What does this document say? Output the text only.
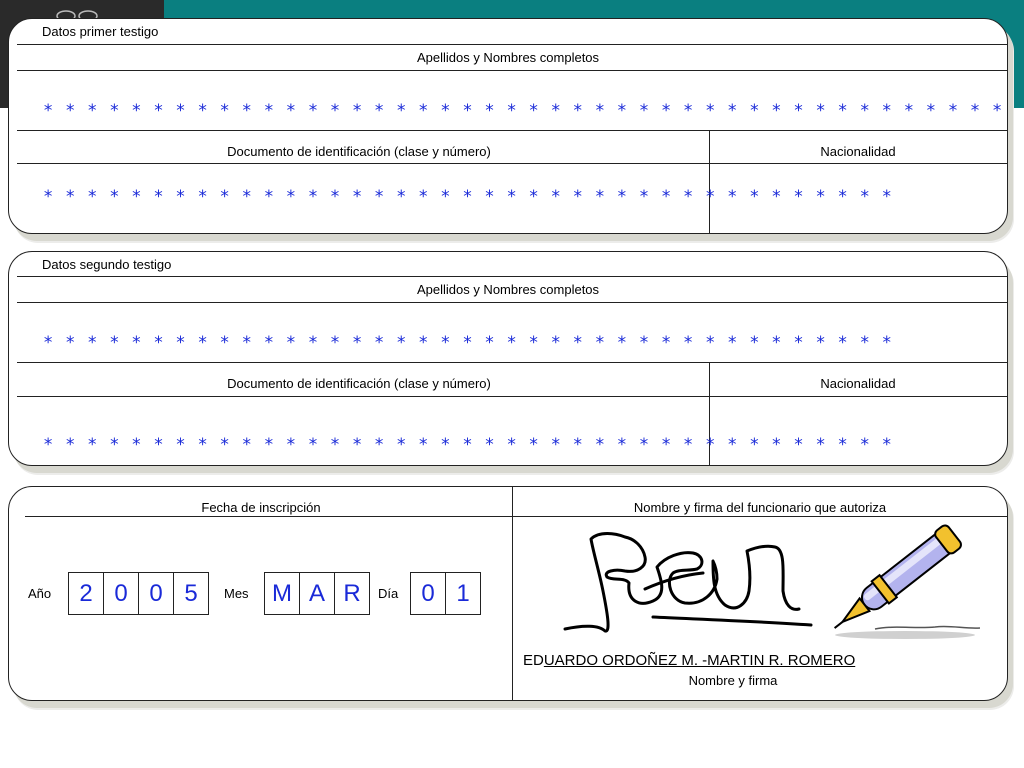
Datos primer testigo
Apellidos y Nombres completos
* * * * * * * * * * * * * * * * * * * * * * * * * * * * * * * * * * * * * * * * * * * *
Documento de identificación (clase y número)	Nacionalidad
* * * * * * * * * * * * * * * * * * * * * * * * * * * * * * * * * * * * * * *
Datos segundo testigo
Apellidos y Nombres completos
* * * * * * * * * * * * * * * * * * * * * * * * * * * * * * * * * * * * * * *
Documento de identificación (clase y número)	Nacionalidad
* * * * * * * * * * * * * * * * * * * * * * * * * * * * * * * * * * * * * * *
Fecha de inscripción	Nombre y firma del funcionario que autoriza
Año	2 0 0 5	Mes M A R	Día 0 1
EDUARDO ORDOÑEZ M. -MARTIN R. ROMERO
Nombre y firma
